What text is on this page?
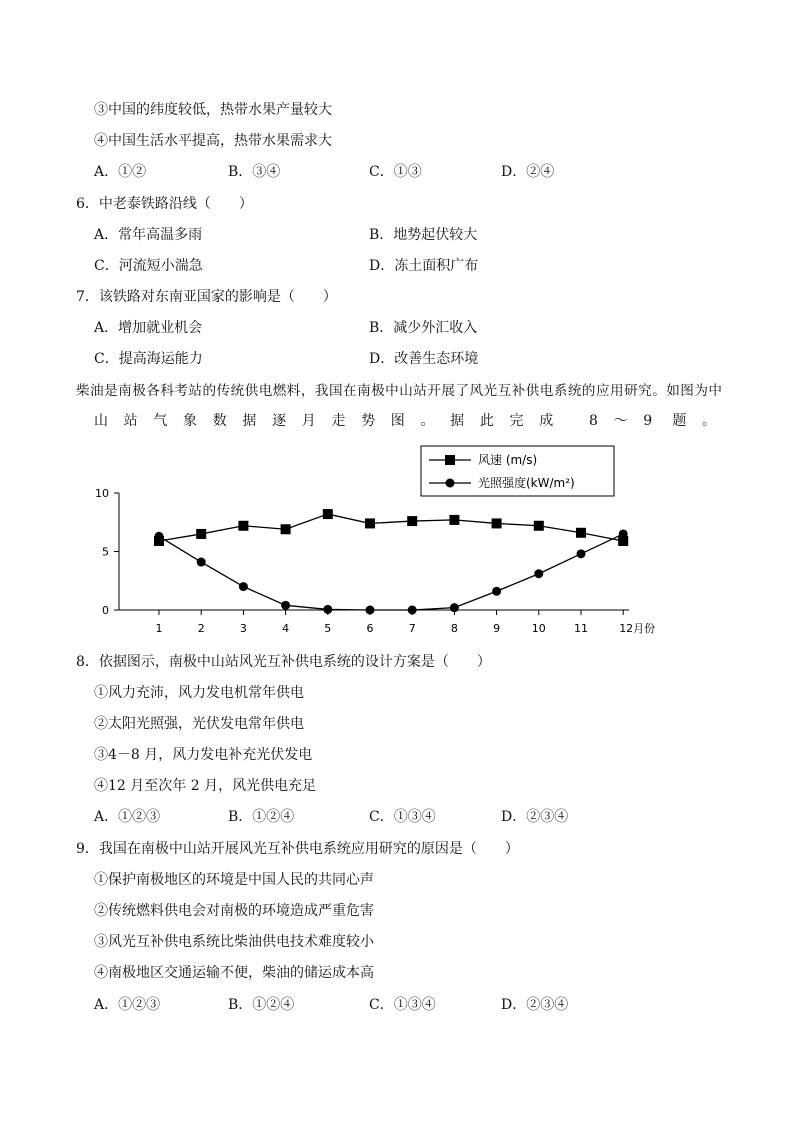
③中国的纬度较低，热带水果产量较大
④中国生活水平提高，热带水果需求大
A．①②	B．③④	C．①③	D．②④
6．中老泰铁路沿线（　　）
A．常年高温多雨	B．地势起伏较大
C．河流短小湍急	D．冻土面积广布
7．该铁路对东南亚国家的影响是（　　）
A．增加就业机会	B．减少外汇收入
C．提高海运能力	D．改善生态环境
柴油是南极各科考站的传统供电燃料，我国在南极中山站开展了风光互补供电系统的应用研究。如图为中
山站气象数据逐月走势图。据此完成 8～9 题。
0
5
10
1	2	3	4	5	6	7	8	9	10	11	12月份
风速 (m/s)
光照强度(kW/m²)
8．依据图示，南极中山站风光互补供电系统的设计方案是（　　）
①风力充沛，风力发电机常年供电
②太阳光照强，光伏发电常年供电
③4－8 月，风力发电补充光伏发电
④12 月至次年 2 月，风光供电充足
A．①②③	B．①②④	C．①③④	D．②③④
9．我国在南极中山站开展风光互补供电系统应用研究的原因是（　　）
①保护南极地区的环境是中国人民的共同心声
②传统燃料供电会对南极的环境造成严重危害
③风光互补供电系统比柴油供电技术难度较小
④南极地区交通运输不便，柴油的储运成本高
A．①②③	B．①②④	C．①③④	D．②③④
